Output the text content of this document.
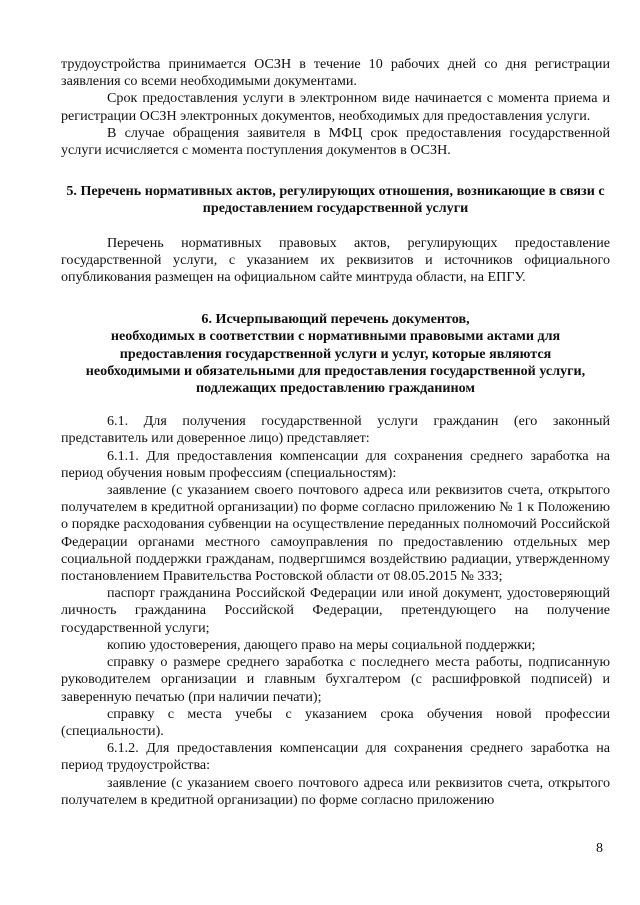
трудоустройства принимается ОСЗН в течение 10 рабочих дней со дня регистрации заявления со всеми необходимыми документами.

Срок предоставления услуги в электронном виде начинается с момента приема и регистрации ОСЗН электронных документов, необходимых для предоставления услуги.

В случае обращения заявителя в МФЦ срок предоставления государственной услуги исчисляется с момента поступления документов в ОСЗН.

5. Перечень нормативных актов, регулирующих отношения, возникающие в связи с предоставлением государственной услуги

Перечень нормативных правовых актов, регулирующих предоставление государственной услуги, с указанием их реквизитов и источников официального опубликования размещен на официальном сайте минтруда области, на ЕПГУ.

6. Исчерпывающий перечень документов,
необходимых в соответствии с нормативными правовыми актами для
предоставления государственной услуги и услуг, которые являются
необходимыми и обязательными для предоставления государственной услуги,
подлежащих предоставлению гражданином

6.1. Для получения государственной услуги гражданин (его законный представитель или доверенное лицо) представляет:

6.1.1. Для предоставления компенсации для сохранения среднего заработка на период обучения новым профессиям (специальностям):

заявление (с указанием своего почтового адреса или реквизитов счета, открытого получателем в кредитной организации) по форме согласно приложению № 1 к Положению о порядке расходования субвенции на осуществление переданных полномочий Российской Федерации органами местного самоуправления по предоставлению отдельных мер социальной поддержки гражданам, подвергшимся воздействию радиации, утвержденному постановлением Правительства Ростовской области от 08.05.2015 № 333;

паспорт гражданина Российской Федерации или иной документ, удостоверяющий личность гражданина Российской Федерации, претендующего на получение государственной услуги;

копию удостоверения, дающего право на меры социальной поддержки;

справку о размере среднего заработка с последнего места работы, подписанную руководителем организации и главным бухгалтером (с расшифровкой подписей) и заверенную печатью (при наличии печати);

справку с места учебы с указанием срока обучения новой профессии (специальности).

6.1.2. Для предоставления компенсации для сохранения среднего заработка на период трудоустройства:

заявление (с указанием своего почтового адреса или реквизитов счета, открытого получателем в кредитной организации) по форме согласно приложению

8
